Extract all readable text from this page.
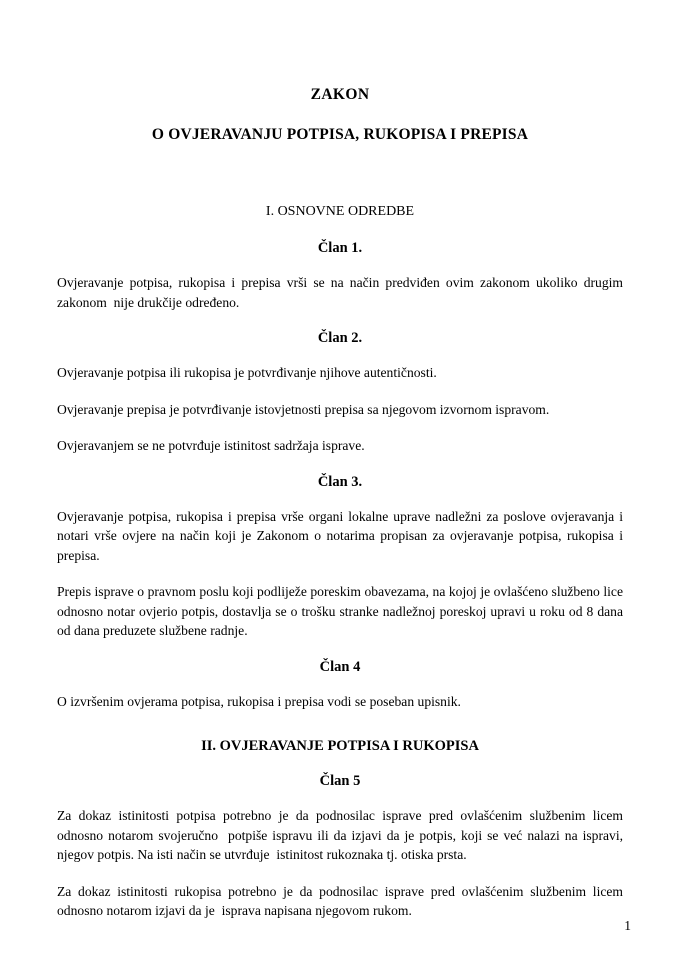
ZAKON
O OVJERAVANJU POTPISA, RUKOPISA I PREPISA
I. OSNOVNE ODREDBE
Član 1.

Ovjeravanje potpisa, rukopisa i prepisa vrši se na način predviđen ovim zakonom ukoliko drugim zakonom  nije drukčije određeno.

Član 2.

Ovjeravanje potpisa ili rukopisa je potvrđivanje njihove autentičnosti.

Ovjeravanje prepisa je potvrđivanje istovjetnosti prepisa sa njegovom izvornom ispravom.

Ovjeravanjem se ne potvrđuje istinitost sadržaja isprave.

Član 3.

Ovjeravanje potpisa, rukopisa i prepisa vrše organi lokalne uprave nadležni za poslove ovjeravanja i notari vrše ovjere na način koji je Zakonom o notarima propisan za ovjeravanje potpisa, rukopisa i prepisa.

Prepis isprave o pravnom poslu koji podliježe poreskim obavezama, na kojoj je ovlašćeno službeno lice odnosno notar ovjerio potpis, dostavlja se o trošku stranke nadležnoj poreskoj upravi u roku od 8 dana od dana preduzete službene radnje.

Član 4

O izvršenim ovjerama potpisa, rukopisa i prepisa vodi se poseban upisnik.

II. OVJERAVANJE POTPISA I RUKOPISA
Član 5

Za dokaz istinitosti potpisa potrebno je da podnosilac isprave pred ovlašćenim službenim licem odnosno notarom svojeručno  potpiše ispravu ili da izjavi da je potpis, koji se već nalazi na ispravi, njegov potpis. Na isti način se utvrđuje  istinitost rukoznaka tj. otiska prsta.

Za dokaz istinitosti rukopisa potrebno je da podnosilac isprave pred ovlašćenim službenim licem odnosno notarom izjavi da je  isprava napisana njegovom rukom.

1
